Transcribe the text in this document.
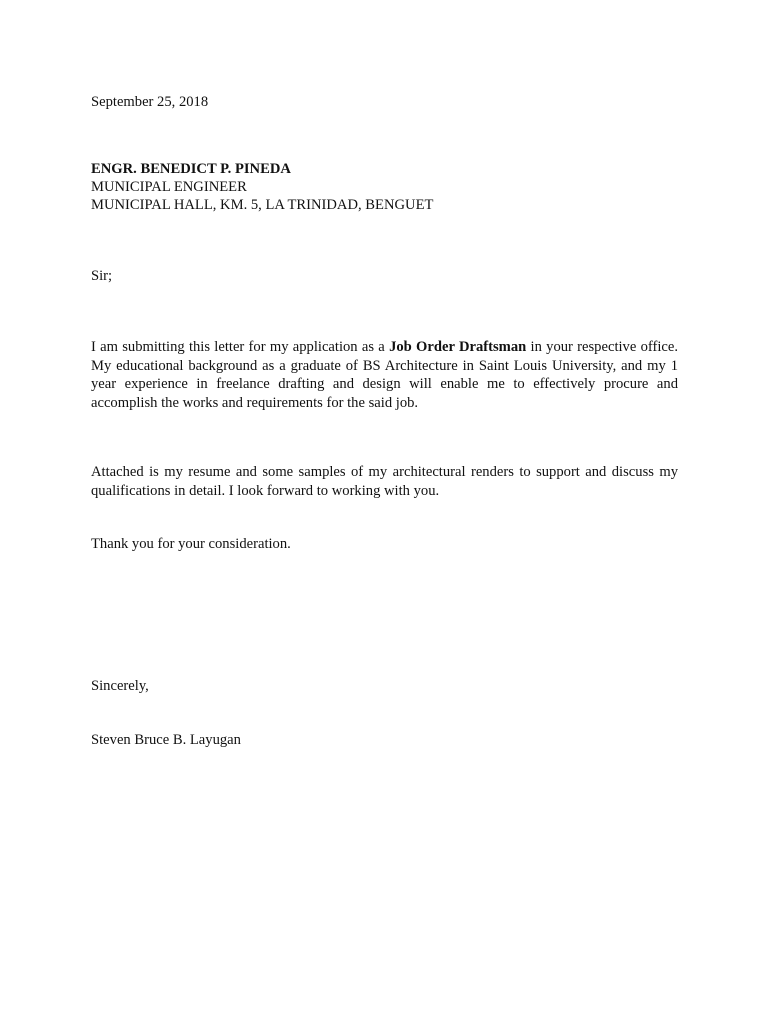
September 25, 2018

ENGR. BENEDICT P. PINEDA
MUNICIPAL ENGINEER
MUNICIPAL HALL, KM. 5, LA TRINIDAD, BENGUET

Sir;

I am submitting this letter for my application as a Job Order Draftsman in your respective office. My educational background as a graduate of BS Architecture in Saint Louis University, and my 1 year experience in freelance drafting and design will enable me to effectively procure and accomplish the works and requirements for the said job.

Attached is my resume and some samples of my architectural renders to support and discuss my qualifications in detail. I look forward to working with you.

Thank you for your consideration.

Sincerely,

Steven Bruce B. Layugan
